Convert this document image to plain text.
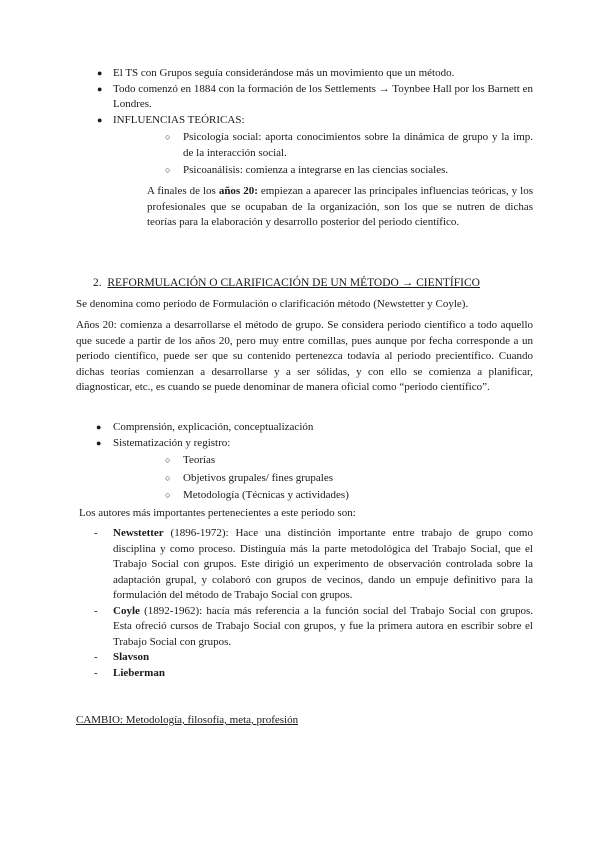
● El TS con Grupos seguía considerándose más un movimiento que un método.
● Todo comenzó en 1884 con la formación de los Settlements → Toynbee Hall por los Barnett en Londres.
● INFLUENCIAS TEÓRICAS:
○ Psicología social: aporta conocimientos sobre la dinámica de grupo y la imp. de la interacción social.
○ Psicoanálisis: comienza a integrarse en las ciencias sociales.
A finales de los años 20: empiezan a aparecer las principales influencias teóricas, y los profesionales que se ocupaban de la organización, son los que se nutren de dichas teorías para la elaboración y desarrollo posterior del periodo científico.
2. REFORMULACIÓN O CLARIFICACIÓN DE UN MÉTODO → CIENTÍFICO
Se denomina como periodo de Formulación o clarificación método (Newstetter y Coyle).
Años 20: comienza a desarrollarse el método de grupo. Se considera periodo científico a todo aquello que sucede a partir de los años 20, pero muy entre comillas, pues aunque por fecha corresponde a un periodo científico, puede ser que su contenido pertenezca todavía al periodo precientífico. Cuando dichas teorías comienzan a desarrollarse y a ser sólidas, y con ello se comienza a planificar, diagnosticar, etc., es cuando se puede denominar de manera oficial como “periodo científico”.
● Comprensión, explicación, conceptualización
● Sistematización y registro:
○ Teorías
○ Objetivos grupales/ fines grupales
○ Metodología (Técnicas y actividades)
Los autores más importantes pertenecientes a este periodo son:
- Newstetter (1896-1972): Hace una distinción importante entre trabajo de grupo como disciplina y como proceso. Distinguía más la parte metodológica del Trabajo Social, que el Trabajo Social con grupos. Este dirigió un experimento de observación controlada sobre la adaptación grupal, y colaboró con grupos de vecinos, dando un empuje definitivo para la formulación del método de Trabajo Social con grupos.
- Coyle (1892-1962): hacía más referencia a la función social del Trabajo Social con grupos. Esta ofreció cursos de Trabajo Social con grupos, y fue la primera autora en escribir sobre el Trabajo Social con grupos.
- Slavson
- Lieberman
CAMBIO: Metodología, filosofía, meta, profesión
